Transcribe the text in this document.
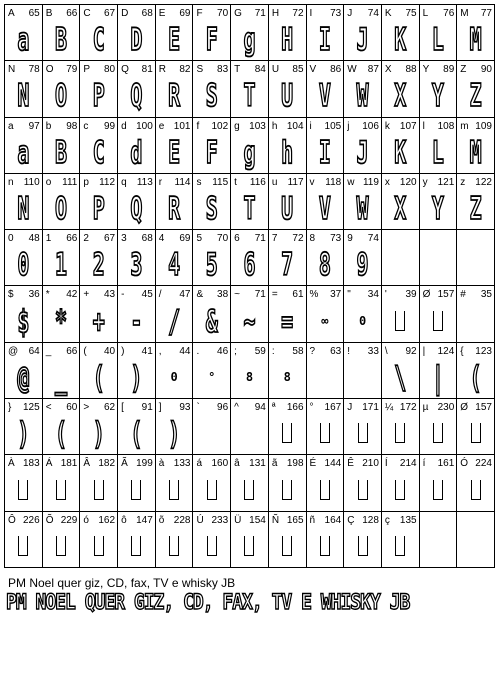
A 65
a
B 66
B
C 67
C
D 68
D
E 69
E
F 70
F
G 71
g
H 72
H
I 73
I
J 74
J
K 75
K
L 76
L
M 77
M
N 78
N
O 79
O
P 80
P
Q 81
Q
R 82
R
S 83
S
T 84
T
U 85
U
V 86
V
W 87
W
X 88
X
Y 89
Y
Z 90
Z
a 97
a
b 98
B
c 99
C
d 100
d
e 101
E
f 102
F
g 103
g
h 104
h
i 105
I
j 106
J
k 107
K
l 108
L
m 109
M
n 110
N
o 111
O
p 112
P
q 113
Q
r 114
R
s 115
S
t 116
T
u 117
U
v 118
V
w 119
W
x 120
X
y 121
Y
z 122
Z
0 48
0
1 66
1
2 67
2
3 68
3
4 69
4
5 70
5
6 71
6
7 72
7
8 73
8
9 74
9
$ 36
$
* 42
*
+ 43
+
- 45
-
/ 47
/
& 38
&
~ 71
~
= 61
=
% 37
∞
" 34
0
' 39 Ø 157 # 35
@ 64
@
_ 66
_
( 40
(
) 41
)
, 44
0
. 46
°
; 59
8
: 58
8
? 63 ! 33 \ 92
\
| 124
|
{ 123
(
} 125
)
< 60
(
> 62
)
[ 91
(
] 93
)
` 96 ^ 94 ª 166 ° 167 J 171 ¼ 172 µ 230 Ø 157
À 183 Á 181 Â 182 Ã 199 à 133 á 160 â 131 ã 198 É 144 Ê 210 Í 214 í 161 Ó 224
Ô 226 Õ 229 ó 162 ô 147 õ 228 Ú 233 Ü 154 Ñ 165 ñ 164 Ç 128 ç 135
PM Noel quer giz, CD, fax, TV e whisky JB
PM NOEL QUER GIZ, CD, FAX, TV E WHISKY JB
